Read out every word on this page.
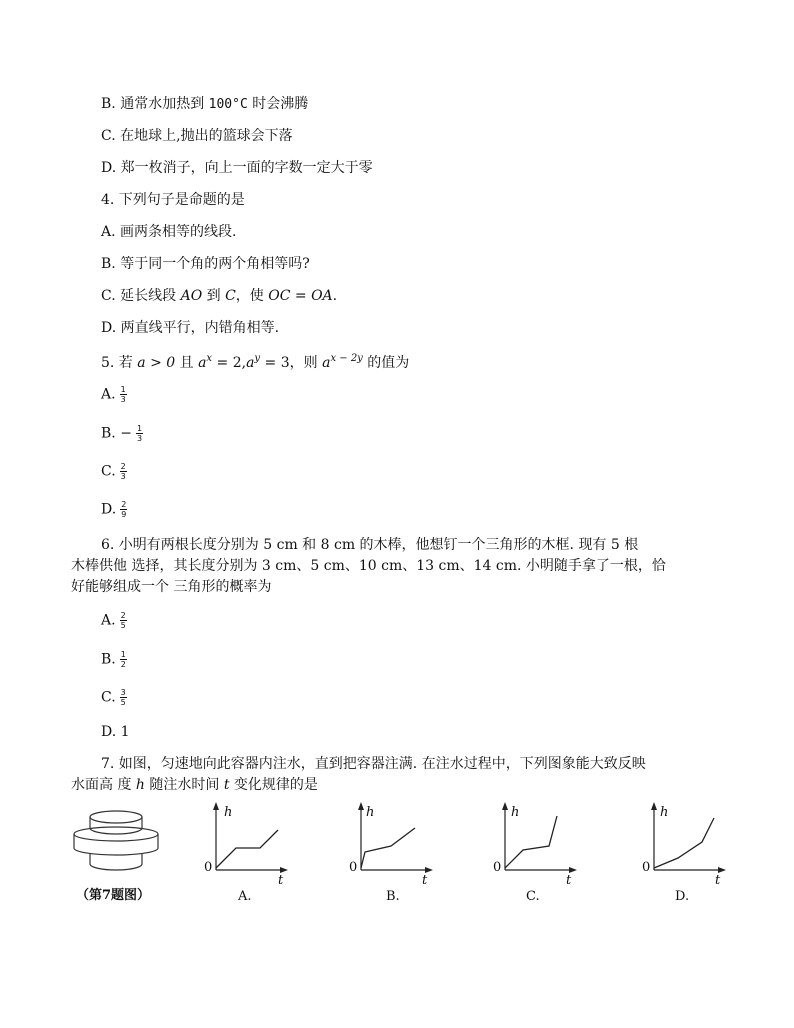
B. 通常水加热到 100°C 时会沸腾
C. 在地球上,抛出的篮球会下落
D. 郑一枚消子，向上一面的字数一定大于零
4. 下列句子是命题的是
A. 画两条相等的线段.
B. 等于同一个角的两个角相等吗?
C. 延长线段 AO 到 C，使 OC = OA.
D. 两直线平行，内错角相等.
5. 若 a > 0 且 $a^x = 2,a^y = 3$，则 $a^{x - 2y}$ 的值为
A. $\frac{1}{3}$
B. − $\frac{1}{3}$
C. $\frac{2}{3}$
D. $\frac{2}{9}$
6. 小明有两根长度分别为 5 cm 和 8 cm 的木棒，他想钉一个三角形的木框. 现有 5 根
木棒供他 选择，其长度分别为 3 cm、5 cm、10 cm、13 cm、14 cm. 小明随手拿了一根，恰
好能够组成一个 三角形的概率为
A. $\frac{2}{5}$
B. $\frac{1}{2}$
C. $\frac{3}{5}$
D. 1
7. 如图，匀速地向此容器内注水，直到把容器注满. 在注水过程中，下列图象能大致反映
水面高 度 h 随注水时间 t 变化规律的是
（第7题图）
h
0
t
A.
h
0
t
B.
h
0
t
C.
h
0
t
D.
